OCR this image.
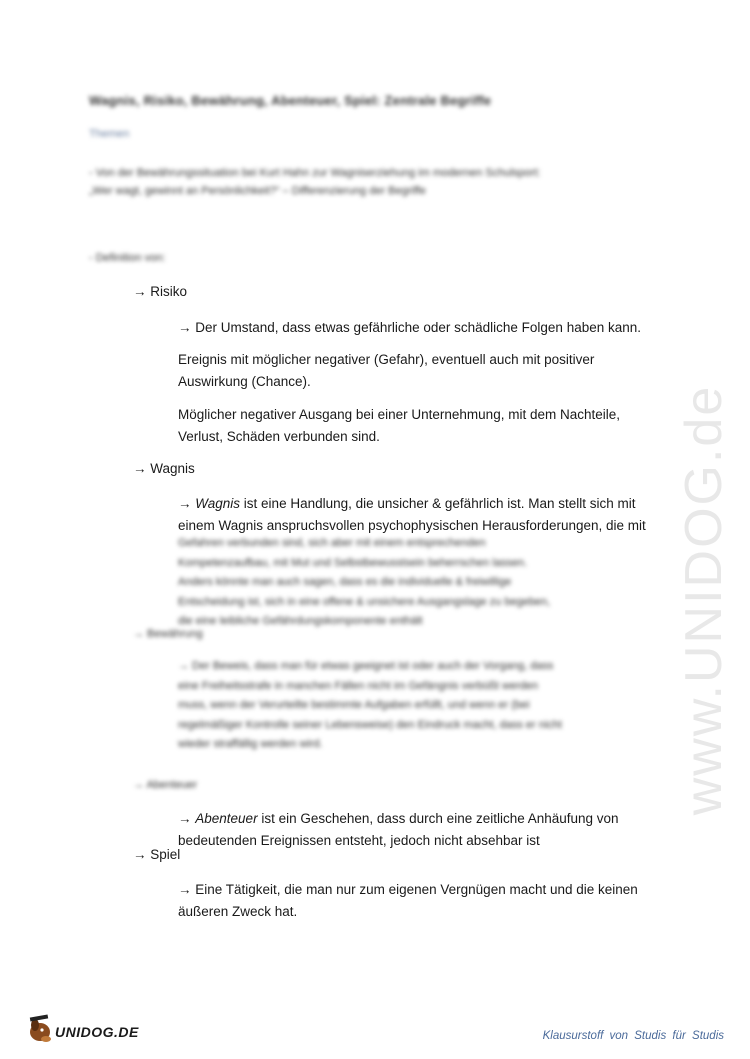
www.UNIDOG.de
Wagnis, Risiko, Bewährung, Abenteuer, Spiel: Zentrale Begriffe
Themen
- Von der Bewährungssituation bei Kurt Hahn zur Wagniserziehung im modernen Schulsport:
„Wer wagt, gewinnt an Persönlichkeit?“ – Differenzierung der Begriffe
- Definition von:
→ Risiko
→ Der Umstand, dass etwas gefährliche oder schädliche Folgen haben kann.
Ereignis mit möglicher negativer (Gefahr), eventuell auch mit positiver
Auswirkung (Chance).
Möglicher negativer Ausgang bei einer Unternehmung, mit dem Nachteile,
Verlust, Schäden verbunden sind.
→ Wagnis
→ Wagnis ist eine Handlung, die unsicher & gefährlich ist. Man stellt sich mit
einem Wagnis anspruchsvollen psychophysischen Herausforderungen, die mit
Gefahren verbunden sind, sich aber mit einem entsprechenden
Kompetenzaufbau, mit Mut und Selbstbewusstsein beherrschen lassen.
Anders könnte man auch sagen, dass es die individuelle & freiwillige
Entscheidung ist, sich in eine offene & unsichere Ausgangslage zu begeben,
die eine leibliche Gefährdungskomponente enthält
→ Bewährung
→ Der Beweis, dass man für etwas geeignet ist oder auch der Vorgang, dass
eine Freiheitsstrafe in manchen Fällen nicht im Gefängnis verbüßt werden
muss, wenn der Verurteilte bestimmte Aufgaben erfüllt, und wenn er (bei
regelmäßiger Kontrolle seiner Lebensweise) den Eindruck macht, dass er nicht
wieder straffällig werden wird.
→ Abenteuer
→ Abenteuer ist ein Geschehen, dass durch eine zeitliche Anhäufung von
bedeutenden Ereignissen entsteht, jedoch nicht absehbar ist
→ Spiel
→ Eine Tätigkeit, die man nur zum eigenen Vergnügen macht und die keinen
äußeren Zweck hat.
UNIDOG.DE	Klausurstoff von Studis für Studis
